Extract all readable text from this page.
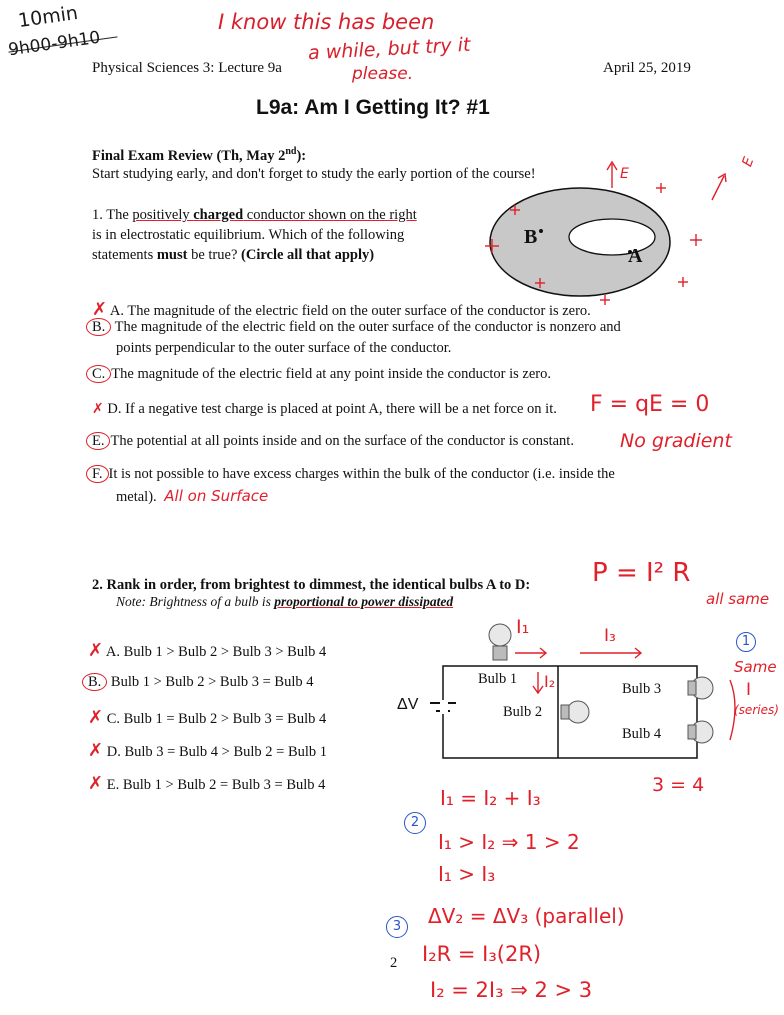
10min
9h00-9h10
I know this has been
a while, but try it
please.
Physical Sciences 3: Lecture 9a	April 25, 2019
L9a: Am I Getting It? #1
Final Exam Review (Th, May 2nd):
Start studying early, and don't forget to study the early portion of the course!
1. The positively charged conductor shown on the right
is in electrostatic equilibrium. Which of the following
statements must be true? (Circle all that apply)
B
A
E
E
✗ A. The magnitude of the electric field on the outer surface of the conductor is zero.
B. The magnitude of the electric field on the outer surface of the conductor is nonzero and
points perpendicular to the outer surface of the conductor.
C. The magnitude of the electric field at any point inside the conductor is zero.
✗ D. If a negative test charge is placed at point A, there will be a net force on it. F = qE = 0
E. The potential at all points inside and on the surface of the conductor is constant. No gradient
F. It is not possible to have excess charges within the bulk of the conductor (i.e. inside the
metal). All on Surface
2. Rank in order, from brightest to dimmest, the identical bulbs A to D:
Note: Brightness of a bulb is proportional to power dissipated
P = I² R
all same
✗ A. Bulb 1 > Bulb 2 > Bulb 3 > Bulb 4
B. Bulb 1 > Bulb 2 > Bulb 3 = Bulb 4
✗ C. Bulb 1 = Bulb 2 > Bulb 3 = Bulb 4
✗ D. Bulb 3 = Bulb 4 > Bulb 2 = Bulb 1
✗ E. Bulb 1 > Bulb 2 = Bulb 3 = Bulb 4
Bulb 1
Bulb 2
Bulb 3
Bulb 4
ΔV
I₁	I₃
I₂
1
Same
I
(series)
3 = 4
I₁ = I₂ + I₃
2
I₁ > I₂ ⇒ 1 > 2
I₁ > I₃
3	ΔV₂ = ΔV₃ (parallel)
I₂R = I₃(2R)
I₂ = 2I₃ ⇒ 2 > 3
2
